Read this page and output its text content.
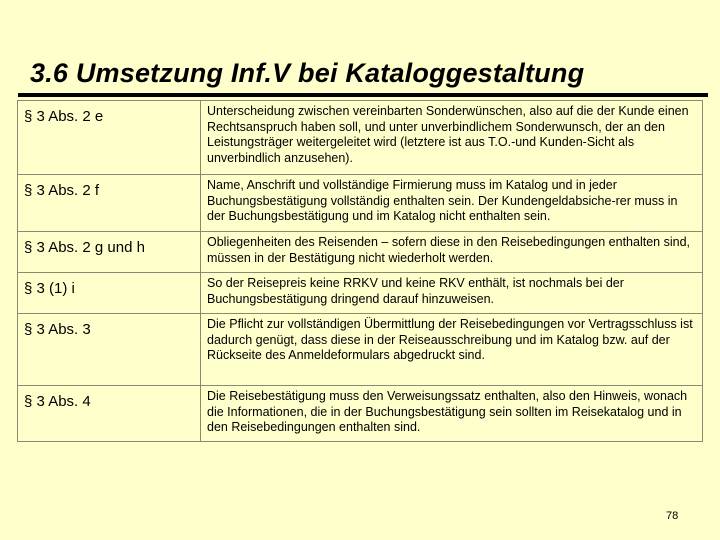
3.6 Umsetzung Inf.V bei Kataloggestaltung
§ 3 Abs. 2 e	Unterscheidung zwischen vereinbarten Sonderwünschen, also auf die der Kunde einen Rechtsanspruch haben soll, und unter unverbindlichem Sonderwunsch, der an den Leistungsträger weitergeleitet wird (letztere ist aus T.O.-und Kunden-Sicht als unverbindlich anzusehen).
§ 3 Abs. 2 f	Name, Anschrift und vollständige Firmierung muss im Katalog und in jeder Buchungsbestätigung vollständig enthalten sein. Der Kundengeldabsiche-rer muss in der Buchungsbestätigung und im Katalog nicht enthalten sein.
§ 3 Abs. 2 g und h	Obliegenheiten des Reisenden – sofern diese in den Reisebedingungen enthalten sind, müssen in der Bestätigung nicht wiederholt werden.
§ 3 (1) i	So der Reisepreis keine RRKV und keine RKV enthält, ist nochmals bei der Buchungsbestätigung dringend darauf hinzuweisen.
§ 3 Abs. 3	Die Pflicht zur vollständigen Übermittlung der Reisebedingungen vor Vertragsschluss ist dadurch genügt, dass diese in der Reiseausschreibung und im Katalog bzw. auf der Rückseite des Anmeldeformulars abgedruckt sind.
§ 3 Abs. 4	Die Reisebestätigung muss den Verweisungssatz enthalten, also den Hinweis, wonach die Informationen, die in der Buchungsbestätigung sein sollten im Reisekatalog und in den Reisebedingungen enthalten sind.
78
